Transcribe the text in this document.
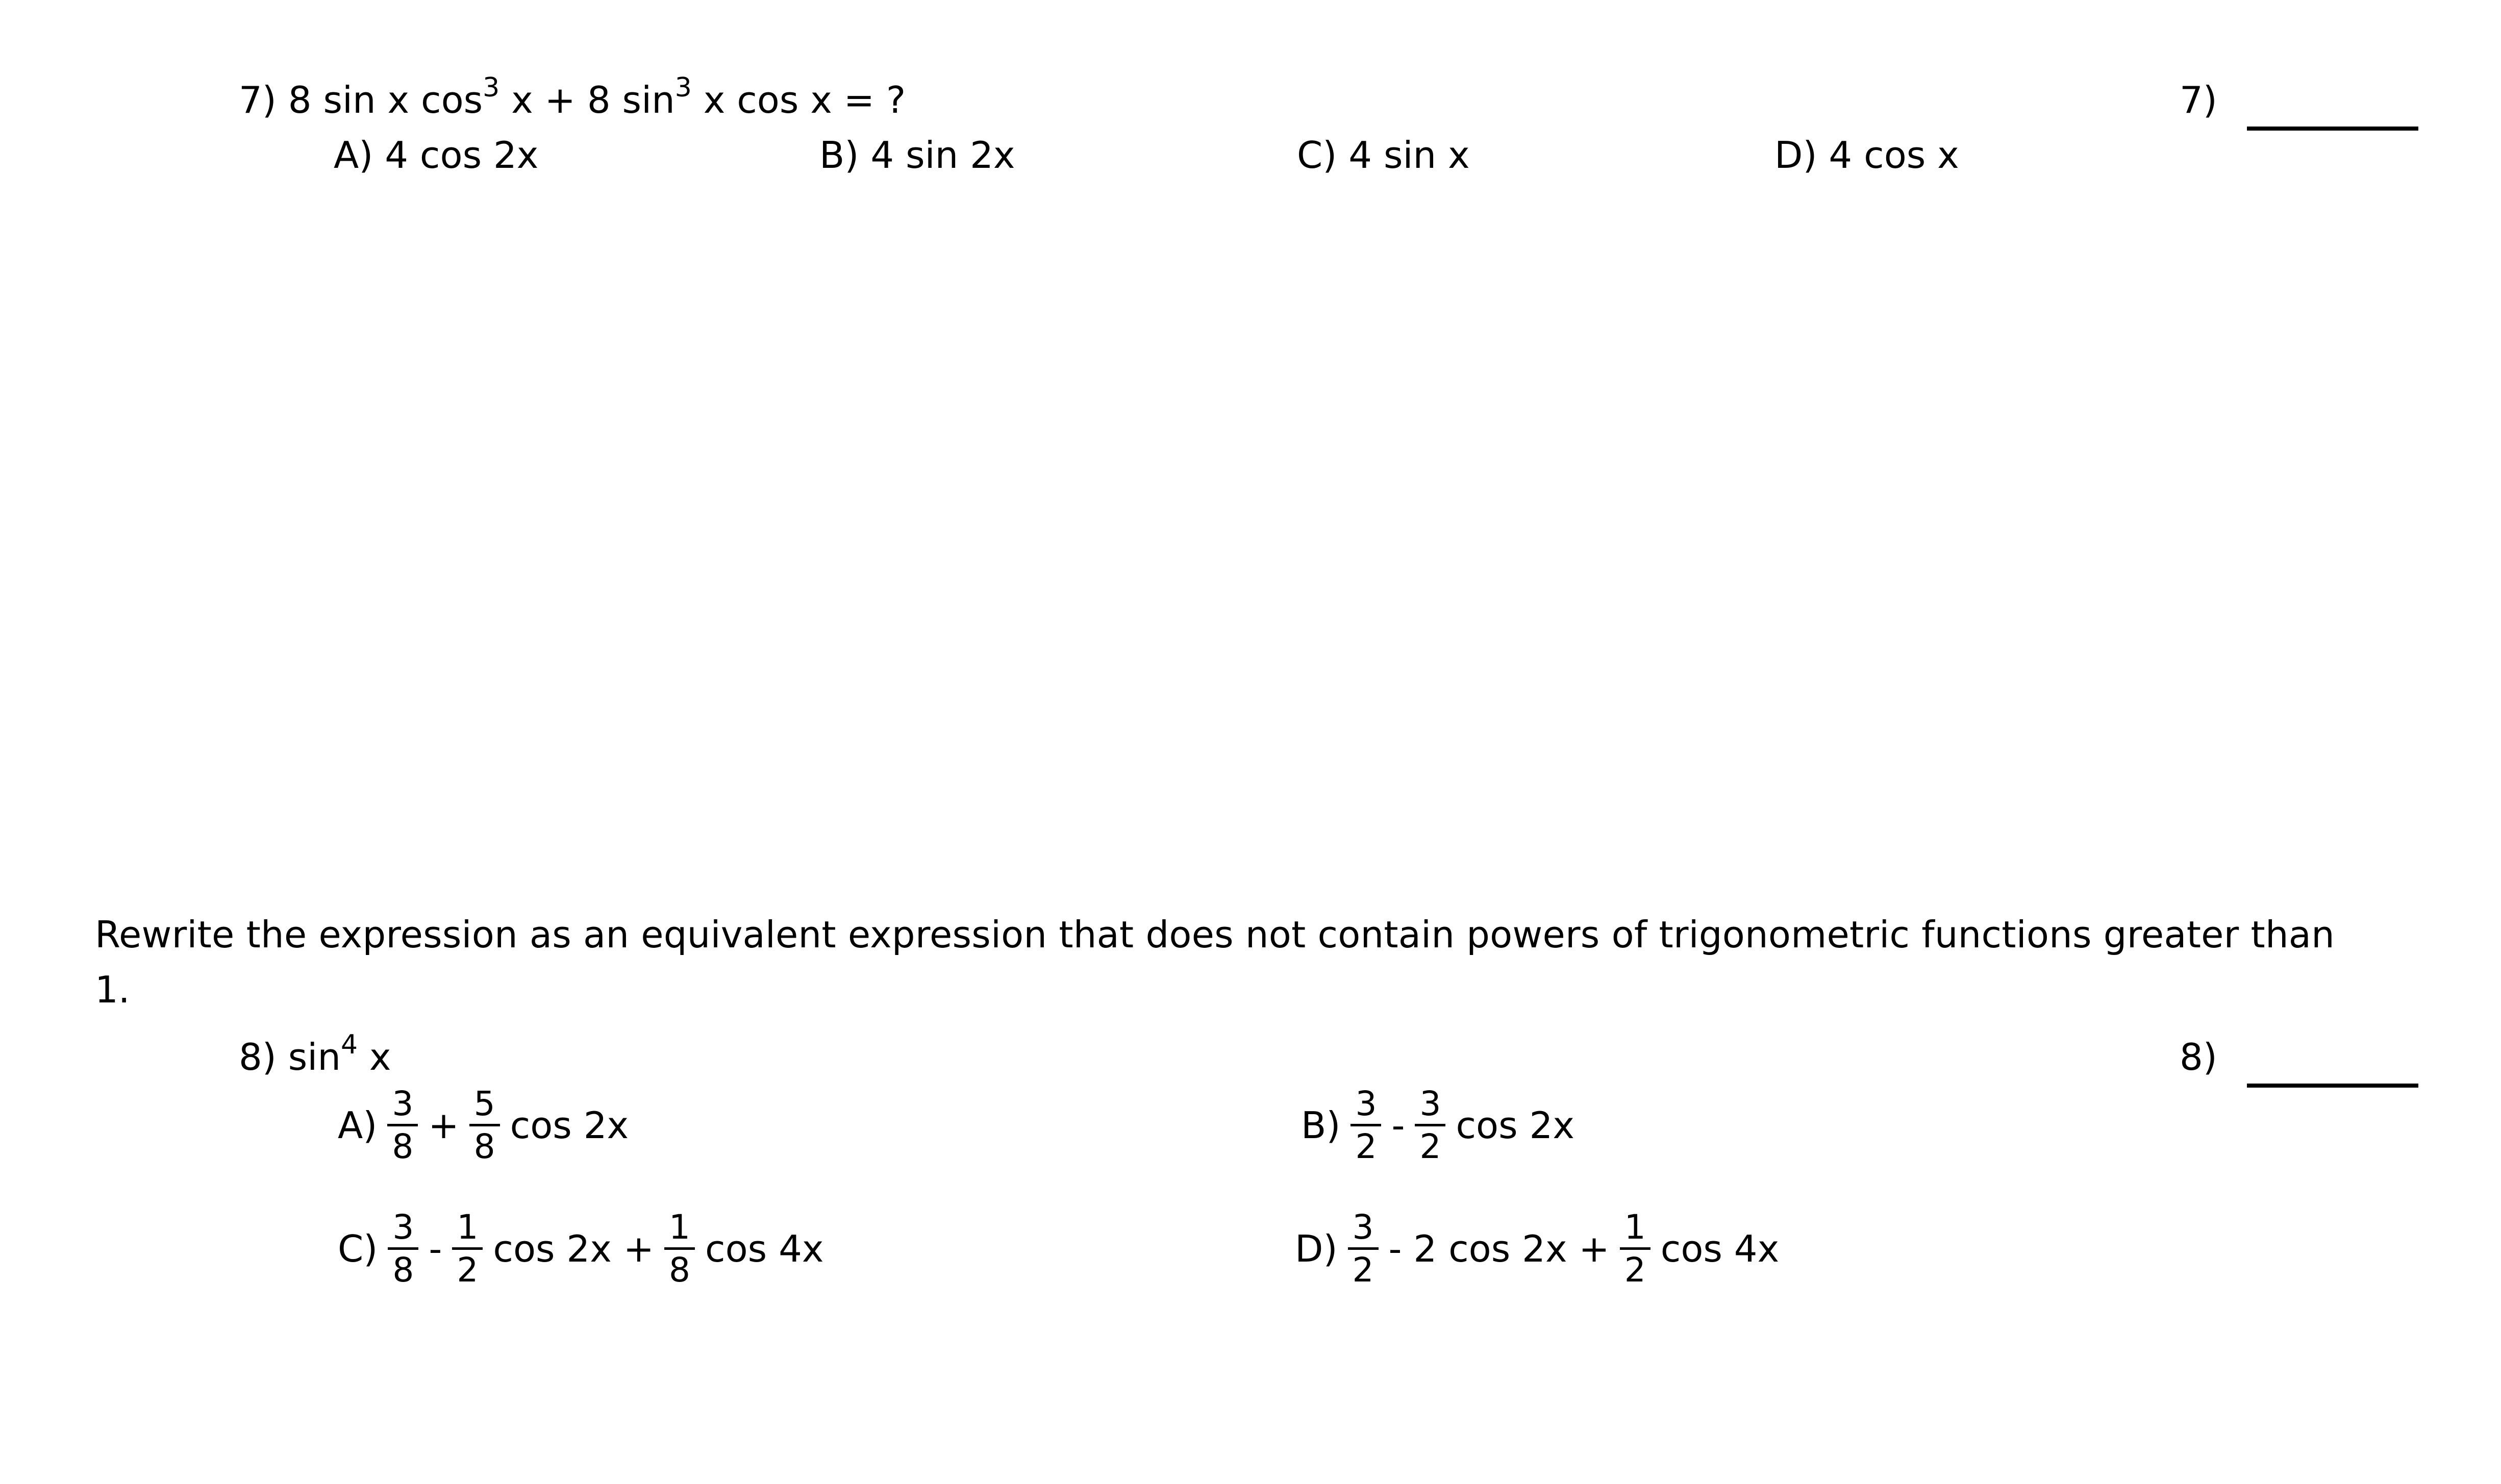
7) 8 sin x $\cos^3 x + 8$ $\sin^3 x$ cos x = ?
A) 4 cos 2x	B) 4 sin 2x	C) 4 sin x	D) 4 cos x
7)
Rewrite the expression as an equivalent expression that does not contain powers of trigonometric functions greater than
1.
8) $\sin^4 x$	8)
A)
3
8 +
5
8 cos 2x	B)
3
2 -
3
2 cos 2x
C)
3
8 -
1
2 cos 2x +
1
8 cos 4x	D)
3
2 - 2 cos 2x +
1
2 cos 4x
